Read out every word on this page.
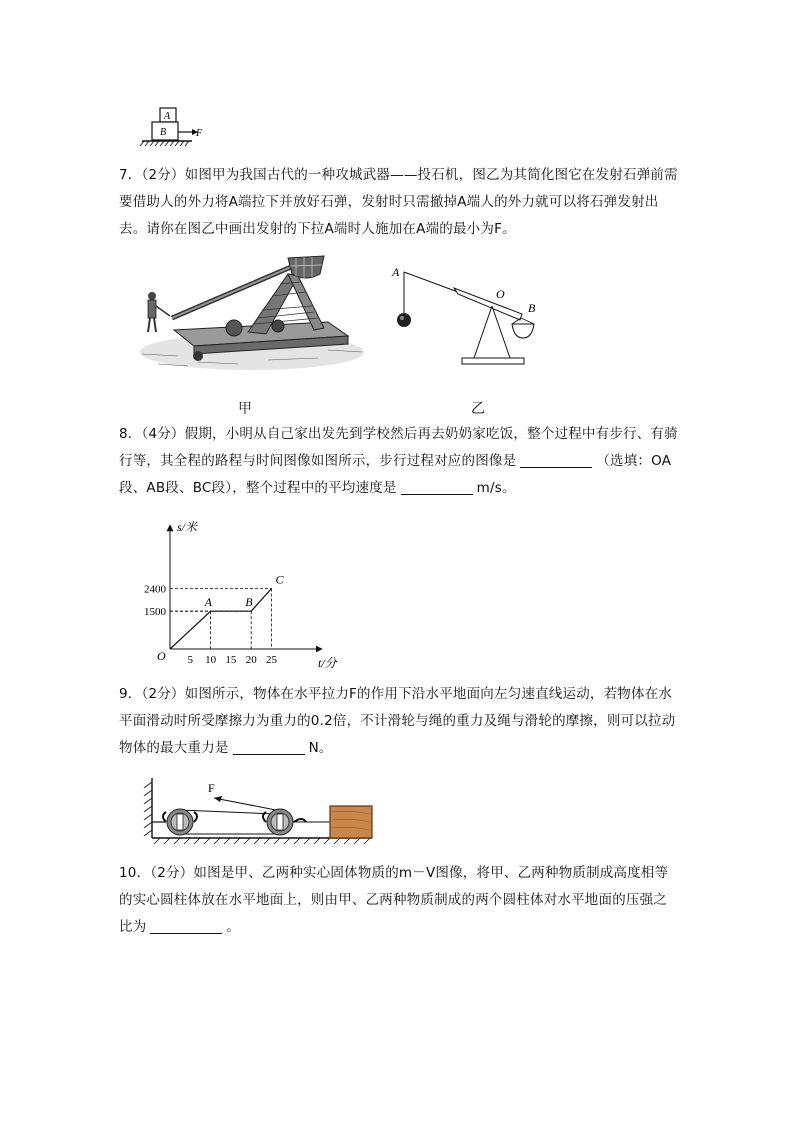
A
B	F
7．（2分）如图甲为我国古代的一种攻城武器——投石机，图乙为其简化图它在发射石弹前需要借助人的外力将A端拉下并放好石弹，发射时只需撤掉A端人的外力就可以将石弹发射出去。请你在图乙中画出发射的下拉A端时人施加在A端的最小为F。
A
O
B
甲	乙
8．（4分）假期，小明从自己家出发先到学校然后再去奶奶家吃饭，整个过程中有步行、有骑行等，其全程的路程与时间图像如图所示，步行过程对应的图像是	（选填：OA段、AB段、BC段），整个过程中的平均速度是	m/s。
5 10 15 20 25
1500
2400
A	B
C
s/米
t/分
O
9．（2分）如图所示，物体在水平拉力F的作用下沿水平地面向左匀速直线运动，若物体在水平面滑动时所受摩擦力为重力的0.2倍，不计滑轮与绳的重力及绳与滑轮的摩擦，则可以拉动物体的最大重力是	N。
F
10．（2分）如图是甲、乙两种实心固体物质的m－V图像，将甲、乙两种物质制成高度相等的实心圆柱体放在水平地面上，则由甲、乙两种物质制成的两个圆柱体对水平地面的压强之比为	。
